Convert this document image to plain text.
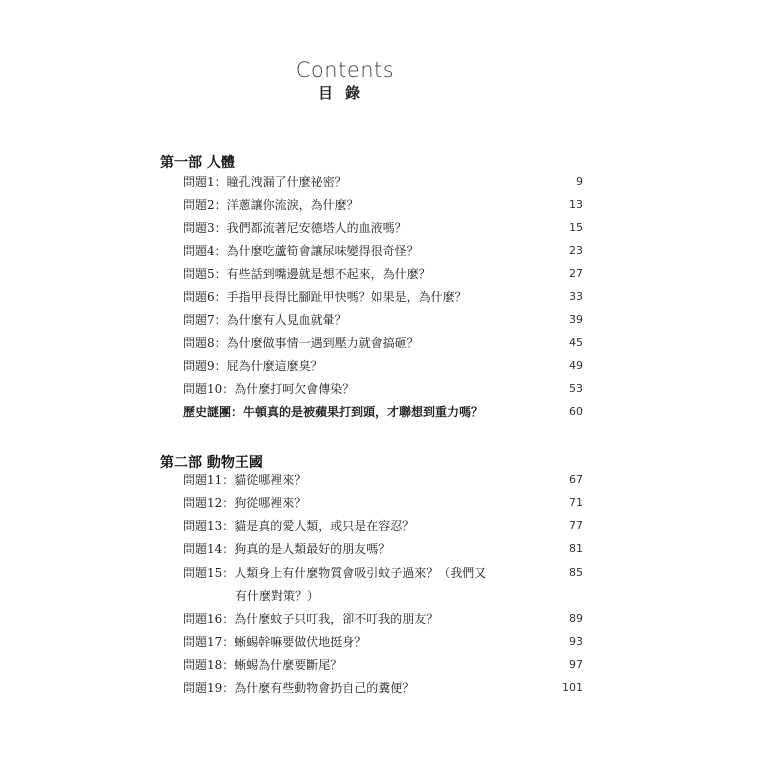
Contents
目錄
第一部 人體
問題1：瞳孔洩漏了什麼祕密？	9
問題2：洋蔥讓你流淚，為什麼？	13
問題3：我們都流著尼安德塔人的血液嗎？	15
問題4：為什麼吃蘆筍會讓尿味變得很奇怪？	23
問題5：有些話到嘴邊就是想不起來，為什麼？	27
問題6：手指甲長得比腳趾甲快嗎？如果是，為什麼？	33
問題7：為什麼有人見血就暈？	39
問題8：為什麼做事情一遇到壓力就會搞砸？	45
問題9：屁為什麼這麼臭？	49
問題10：為什麼打呵欠會傳染？	53
歷史謎團：牛頓真的是被蘋果打到頭，才聯想到重力嗎？	60
第二部 動物王國
問題11：貓從哪裡來？	67
問題12：狗從哪裡來？	71
問題13：貓是真的愛人類，或只是在容忍？	77
問題14：狗真的是人類最好的朋友嗎？	81
問題15：人類身上有什麼物質會吸引蚊子過來？（我們又	85
有什麼對策？）
問題16：為什麼蚊子只叮我，卻不叮我的朋友？	89
問題17：蜥蜴幹嘛要做伏地挺身？	93
問題18：蜥蜴為什麼要斷尾？	97
問題19：為什麼有些動物會扔自己的糞便？	101
